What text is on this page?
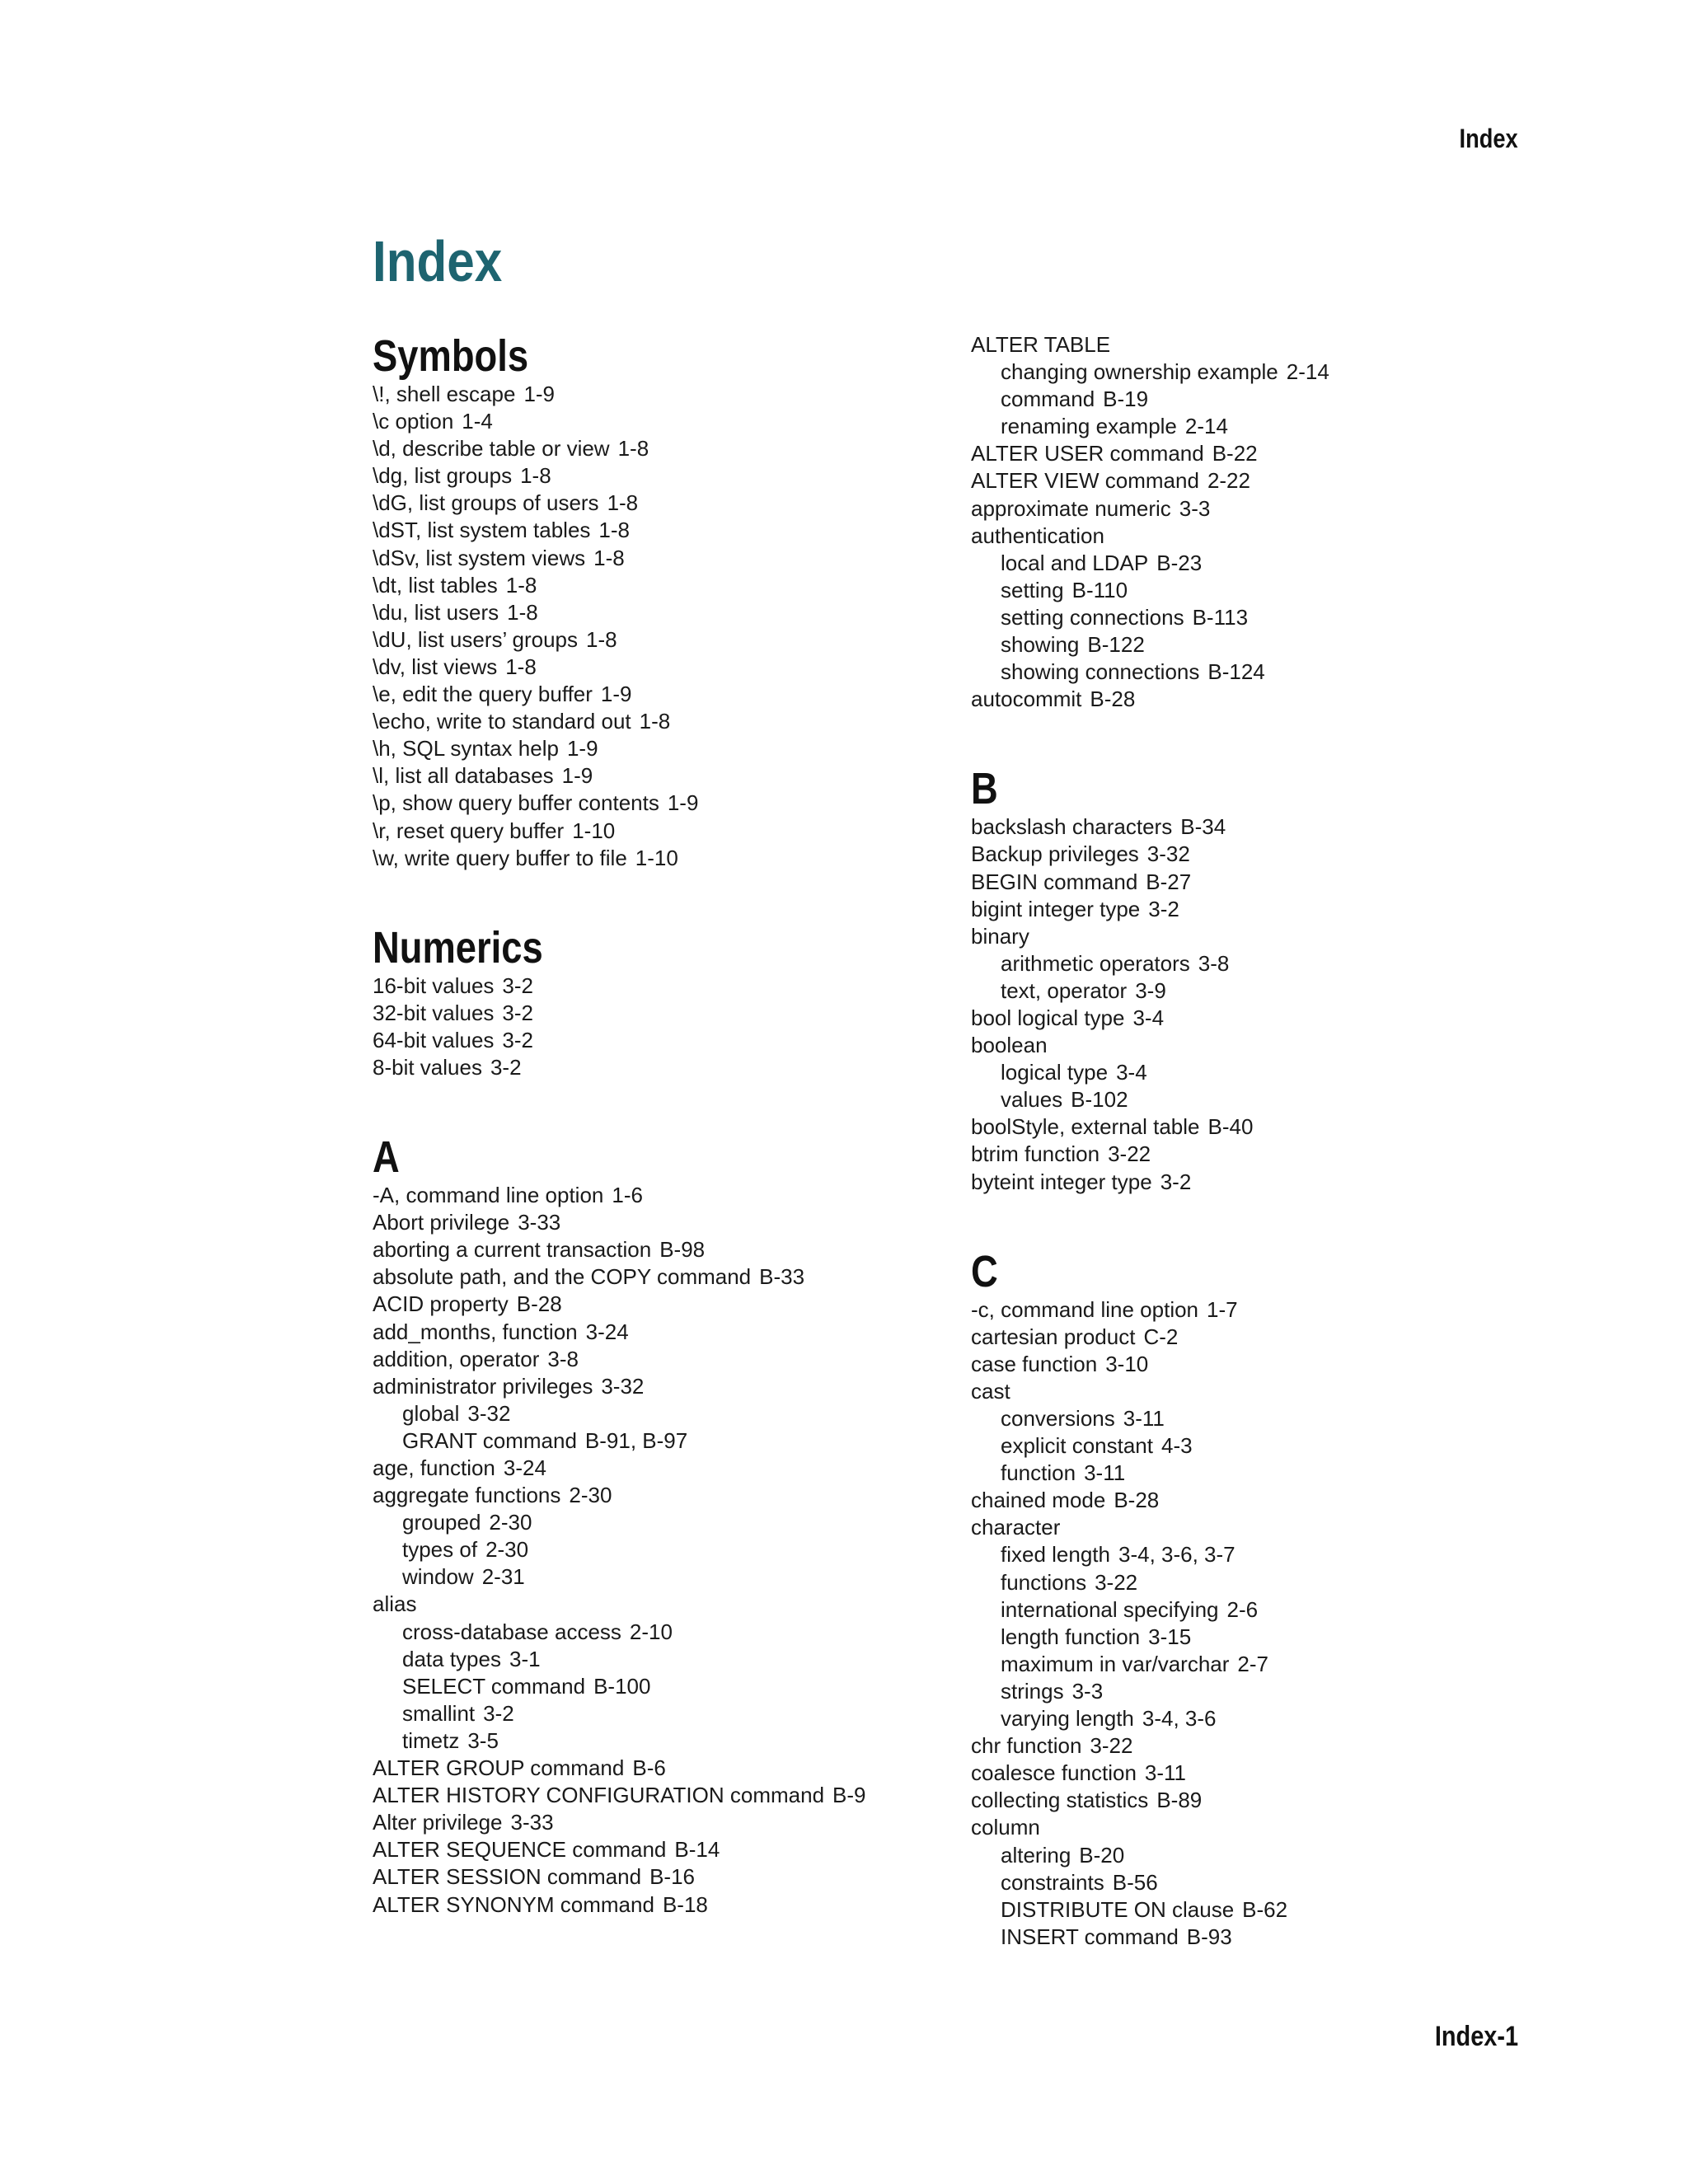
Index
Index
Symbols
\!, shell escape 1-9
\c option 1-4
\d, describe table or view 1-8
\dg, list groups 1-8
\dG, list groups of users 1-8
\dST, list system tables 1-8
\dSv, list system views 1-8
\dt, list tables 1-8
\du, list users 1-8
\dU, list users’ groups 1-8
\dv, list views 1-8
\e, edit the query buffer 1-9
\echo, write to standard out 1-8
\h, SQL syntax help 1-9
\l, list all databases 1-9
\p, show query buffer contents 1-9
\r, reset query buffer 1-10
\w, write query buffer to file 1-10
Numerics
16-bit values 3-2
32-bit values 3-2
64-bit values 3-2
8-bit values 3-2
A
-A, command line option 1-6
Abort privilege 3-33
aborting a current transaction B-98
absolute path, and the COPY command B-33
ACID property B-28
add_months, function 3-24
addition, operator 3-8
administrator privileges 3-32
global 3-32
GRANT command B-91, B-97
age, function 3-24
aggregate functions 2-30
grouped 2-30
types of 2-30
window 2-31
alias
cross-database access 2-10
data types 3-1
SELECT command B-100
smallint 3-2
timetz 3-5
ALTER GROUP command B-6
ALTER HISTORY CONFIGURATION command B-9
Alter privilege 3-33
ALTER SEQUENCE command B-14
ALTER SESSION command B-16
ALTER SYNONYM command B-18
ALTER TABLE
changing ownership example 2-14
command B-19
renaming example 2-14
ALTER USER command B-22
ALTER VIEW command 2-22
approximate numeric 3-3
authentication
local and LDAP B-23
setting B-110
setting connections B-113
showing B-122
showing connections B-124
autocommit B-28
B
backslash characters B-34
Backup privileges 3-32
BEGIN command B-27
bigint integer type 3-2
binary
arithmetic operators 3-8
text, operator 3-9
bool logical type 3-4
boolean
logical type 3-4
values B-102
boolStyle, external table B-40
btrim function 3-22
byteint integer type 3-2
C
-c, command line option 1-7
cartesian product C-2
case function 3-10
cast
conversions 3-11
explicit constant 4-3
function 3-11
chained mode B-28
character
fixed length 3-4, 3-6, 3-7
functions 3-22
international specifying 2-6
length function 3-15
maximum in var/varchar 2-7
strings 3-3
varying length 3-4, 3-6
chr function 3-22
coalesce function 3-11
collecting statistics B-89
column
altering B-20
constraints B-56
DISTRIBUTE ON clause B-62
INSERT command B-93
Index-1
